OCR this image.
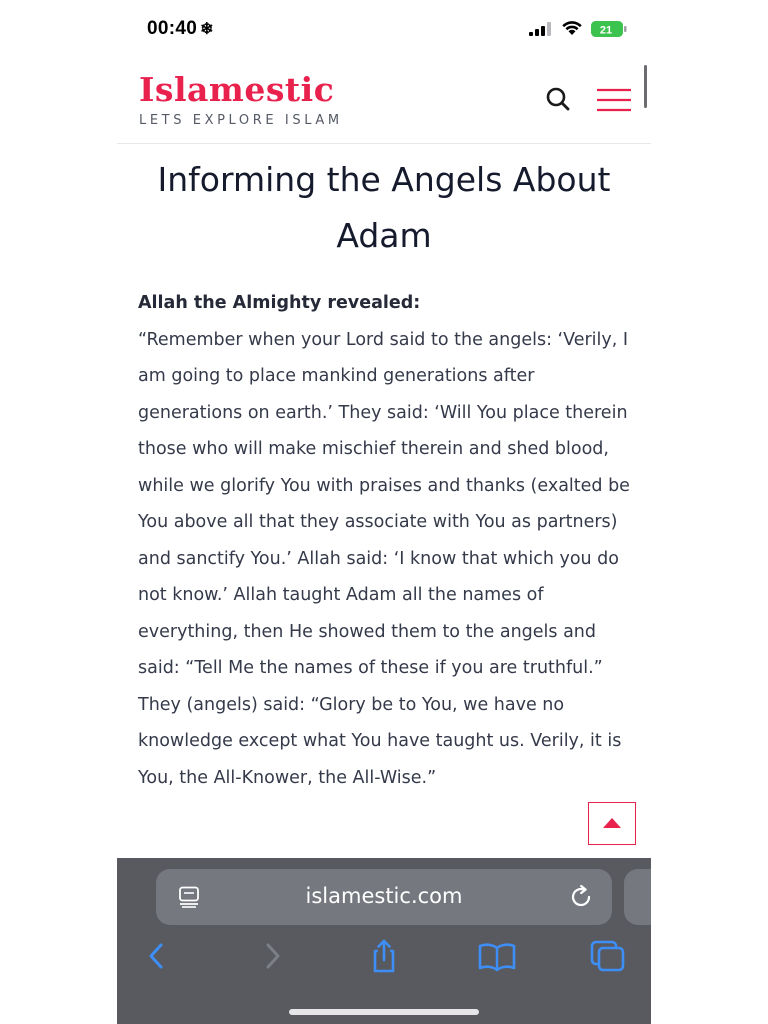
00:40 ❄	21
Islamestic
LETS EXPLORE ISLAM
Informing the Angels About Adam
Allah the Almighty revealed:
“Remember when your Lord said to the angels: ‘Verily, I am going to place mankind generations after generations on earth.’ They said: ‘Will You place therein those who will make mischief therein and shed blood, while we glorify You with praises and thanks (exalted be You above all that they associate with You as partners) and sanctify You.’ Allah said: ‘I know that which you do not know.’ Allah taught Adam all the names of everything, then He showed them to the angels and said: “Tell Me the names of these if you are truthful.” They (angels) said: “Glory be to You, we have no knowledge except what You have taught us. Verily, it is You, the All-Knower, the All-Wise.”
islamestic.com
